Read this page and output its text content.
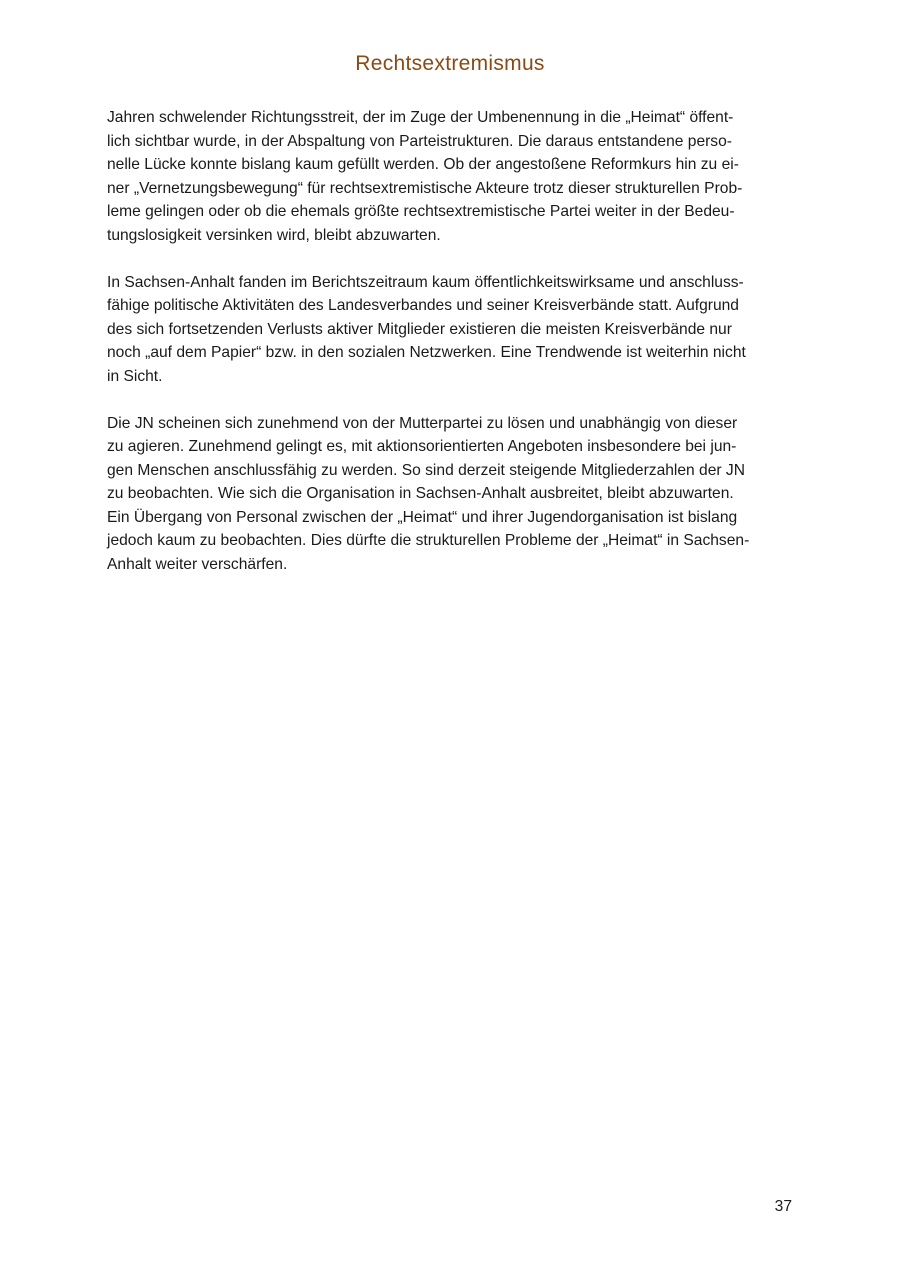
Rechtsextremismus
Jahren schwelender Richtungsstreit, der im Zuge der Umbenennung in die „Heimat“ öffent-
lich sichtbar wurde, in der Abspaltung von Parteistrukturen. Die daraus entstandene perso-
nelle Lücke konnte bislang kaum gefüllt werden. Ob der angestoßene Reformkurs hin zu ei-
ner „Vernetzungsbewegung“ für rechtsextremistische Akteure trotz dieser strukturellen Prob-
leme gelingen oder ob die ehemals größte rechtsextremistische Partei weiter in der Bedeu-
tungslosigkeit versinken wird, bleibt abzuwarten.
In Sachsen-Anhalt fanden im Berichtszeitraum kaum öffentlichkeitswirksame und anschluss-
fähige politische Aktivitäten des Landesverbandes und seiner Kreisverbände statt. Aufgrund
des sich fortsetzenden Verlusts aktiver Mitglieder existieren die meisten Kreisverbände nur
noch „auf dem Papier“ bzw. in den sozialen Netzwerken. Eine Trendwende ist weiterhin nicht
in Sicht.
Die JN scheinen sich zunehmend von der Mutterpartei zu lösen und unabhängig von dieser
zu agieren. Zunehmend gelingt es, mit aktionsorientierten Angeboten insbesondere bei jun-
gen Menschen anschlussfähig zu werden. So sind derzeit steigende Mitgliederzahlen der JN
zu beobachten. Wie sich die Organisation in Sachsen-Anhalt ausbreitet, bleibt abzuwarten.
Ein Übergang von Personal zwischen der „Heimat“ und ihrer Jugendorganisation ist bislang
jedoch kaum zu beobachten. Dies dürfte die strukturellen Probleme der „Heimat“ in Sachsen-
Anhalt weiter verschärfen.
37
